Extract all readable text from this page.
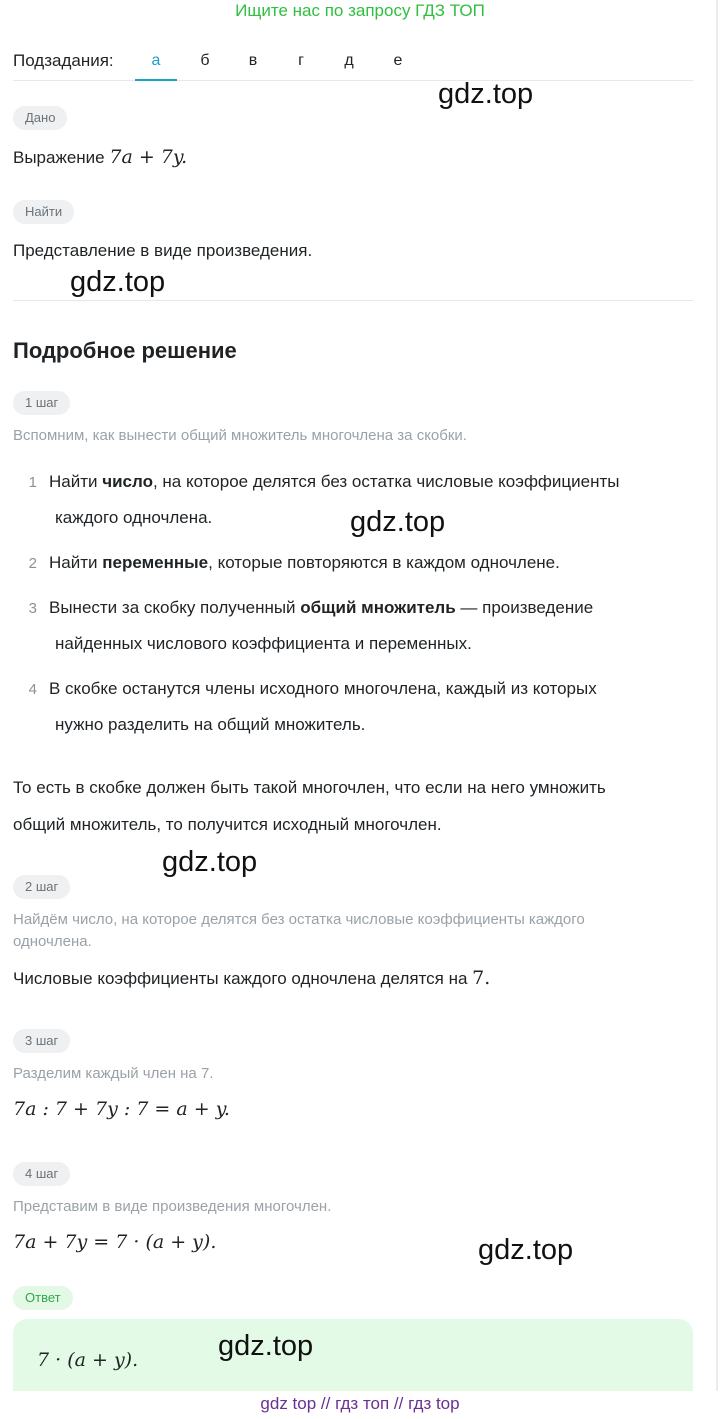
Ищите нас по запросу ГДЗ ТОП
Подзадания:	а	б	в	г	д	е
Дано
Выражение 7a + 7y.
Найти
Представление в виде произведения.
Подробное решение
1 шаг
Вспомним, как вынести общий множитель многочлена за скобки.
1 Найти число, на которое делятся без остатка числовые коэффициенты
каждого одночлена.
2 Найти переменные, которые повторяются в каждом одночлене.
3 Вынести за скобку полученный общий множитель — произведение
найденных числового коэффициента и переменных.
4 В скобке останутся члены исходного многочлена, каждый из которых
нужно разделить на общий множитель.
То есть в скобке должен быть такой многочлен, что если на него умножить
общий множитель, то получится исходный многочлен.
2 шаг
Найдём число, на которое делятся без остатка числовые коэффициенты каждого
одночлена.
Числовые коэффициенты каждого одночлена делятся на 7.
3 шаг
Разделим каждый член на 7.
7a : 7 + 7y : 7 = a + y.
4 шаг
Представим в виде произведения многочлен.
7a + 7y = 7 · (a + y).
Ответ
7 · (a + y).
gdz.top
gdz.top
gdz.top
gdz.top
gdz.top
gdz.top
gdz top // гдз топ // гдз top
